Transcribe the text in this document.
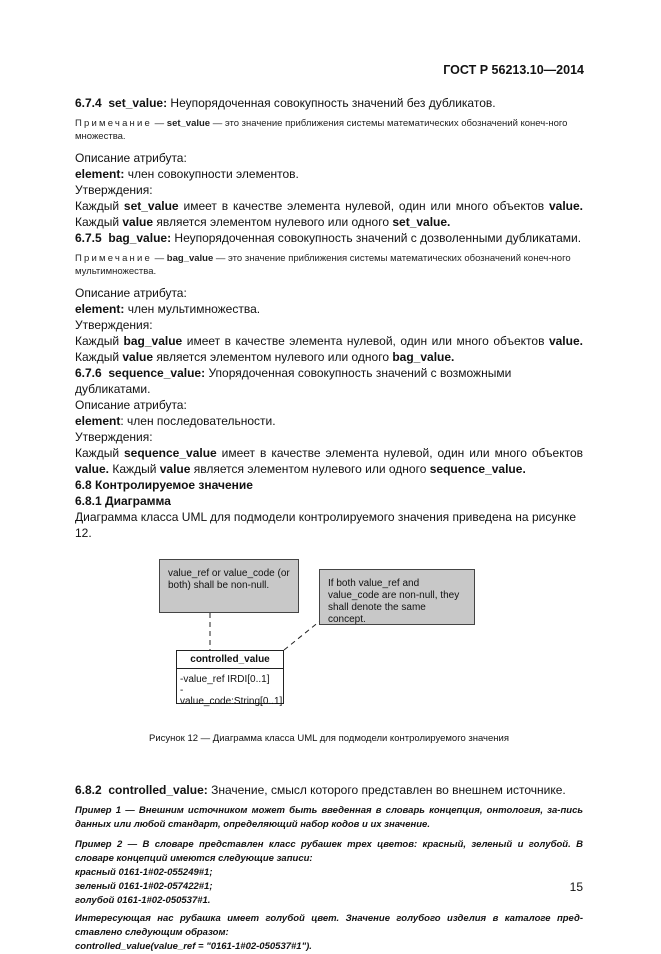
ГОСТ Р 56213.10—2014

6.7.4 set_value: Неупорядоченная совокупность значений без дубликатов.

Примечание — set_value — это значение приближения системы математических обозначений конеч-ного множества.

Описание атрибута:

element: член совокупности элементов.

Утверждения:

Каждый set_value имеет в качестве элемента нулевой, один или много объектов value. Каждый value является элементом нулевого или одного set_value.

6.7.5 bag_value: Неупорядоченная совокупность значений с дозволенными дубликатами.

Примечание — bag_value — это значение приближения системы математических обозначений конеч-ного мультимножества.

Описание атрибута:

element: член мультимножества.

Утверждения:

Каждый bag_value имеет в качестве элемента нулевой, один или много объектов value. Каждый value является элементом нулевого или одного bag_value.

6.7.6 sequence_value: Упорядоченная совокупность значений с возможными дубликатами.

Описание атрибута:

element: член последовательности.

Утверждения:

Каждый sequence_value имеет в качестве элемента нулевой, один или много объектов value. Каждый value является элементом нулевого или одного sequence_value.

6.8 Контролируемое значение

6.8.1 Диаграмма

Диаграмма класса UML для подмодели контролируемого значения приведена на рисунке 12.

value_ref or value_code (or both) shall be non-null.	If both value_ref and value_code are non-null, they shall denote the same concept.
controlled_value
-value_ref IRDI[0..1]
-value_code:String[0..1]

Рисунок 12 — Диаграмма класса UML для подмодели контролируемого значения

6.8.2 controlled_value: Значение, смысл которого представлен во внешнем источнике.

Пример 1 — Внешним источником может быть введенная в словарь концепция, онтология, за-пись данных или любой стандарт, определяющий набор кодов и их значение.

Пример 2 — В словаре представлен класс рубашек трех цветов: красный, зеленый и голубой. В словаре концепций имеются следующие записи:

красный 0161-1#02-055249#1;

зеленый 0161-1#02-057422#1;

голубой 0161-1#02-050537#1.

Интересующая нас рубашка имеет голубой цвет. Значение голубого изделия в каталоге пред-ставлено следующим образом:

controlled_value(value_ref = "0161-1#02-050537#1").

15
